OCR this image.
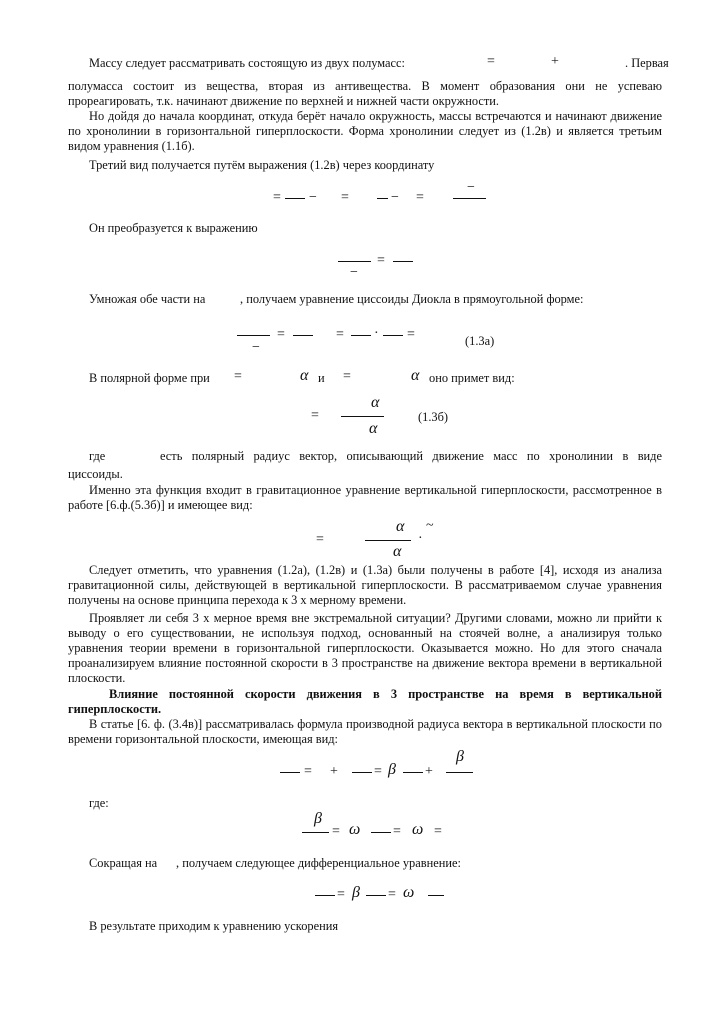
Массу следует рассматривать состоящую из двух полумасс:	=	+	. Первая

полумасса состоит из вещества, вторая из антивещества. В момент образования они не успеваю прореагировать, т.к. начинают движение по верхней и нижней части окружности.

Но дойдя до начала координат, откуда берёт начало окружность, массы встречаются и начинают движение по хронолинии в горизонтальной гиперплоскости. Форма хронолинии следует из (1.2в) и является третьим видом уравнения (1.1б).

Третий вид получается путём выражения (1.2в) через координату

−
= − =	− =

Он преобразуется к выражению

=
−
Умножая обе части на	, получаем уравнение циссоиды Диокла в прямоугольной форме:
=	= · =
−	(1.3а)
В полярной форме при =	α и =	α оно примет вид:
α
=
α
(1.3б)
где	есть полярный радиус вектор, описывающий движение масс по хронолинии в виде
циссоиды.

Именно эта функция входит в гравитационное уравнение вертикальной гиперплоскости, рассмотренное в работе [6.ф.(5.3б)] и имеющее вид:

α ~
=	·
α

Следует отметить, что уравнения (1.2а), (1.2в) и (1.3а) были получены в работе [4], исходя из анализа гравитационной силы, действующей в вертикальной гиперплоскости. В рассматриваемом случае уравнения получены на основе принципа перехода к 3 х мерному времени.

Проявляет ли себя 3 х мерное время вне экстремальной ситуации? Другими словами, можно ли прийти к выводу о его существовании, не используя подход, основанный на стоячей волне, а анализируя только уравнения теории времени в горизонтальной гиперплоскости. Оказывается можно. Но для этого сначала проанализируем влияние постоянной скорости в 3 пространстве на движение вектора времени в вертикальной плоскости.

Влияние постоянной скорости движения в 3 пространстве на время в вертикальной гиперплоскости.

В статье [6. ф. (3.4в)] рассматривалась формула производной радиуса вектора в вертикальной плоскости по времени горизонтальной плоскости, имеющая вид:

β
= +	= β +
где:
β
= ω = ω =
Сокращая на , получаем следующее дифференциальное уравнение:
= β = ω
В результате приходим к уравнению ускорения
